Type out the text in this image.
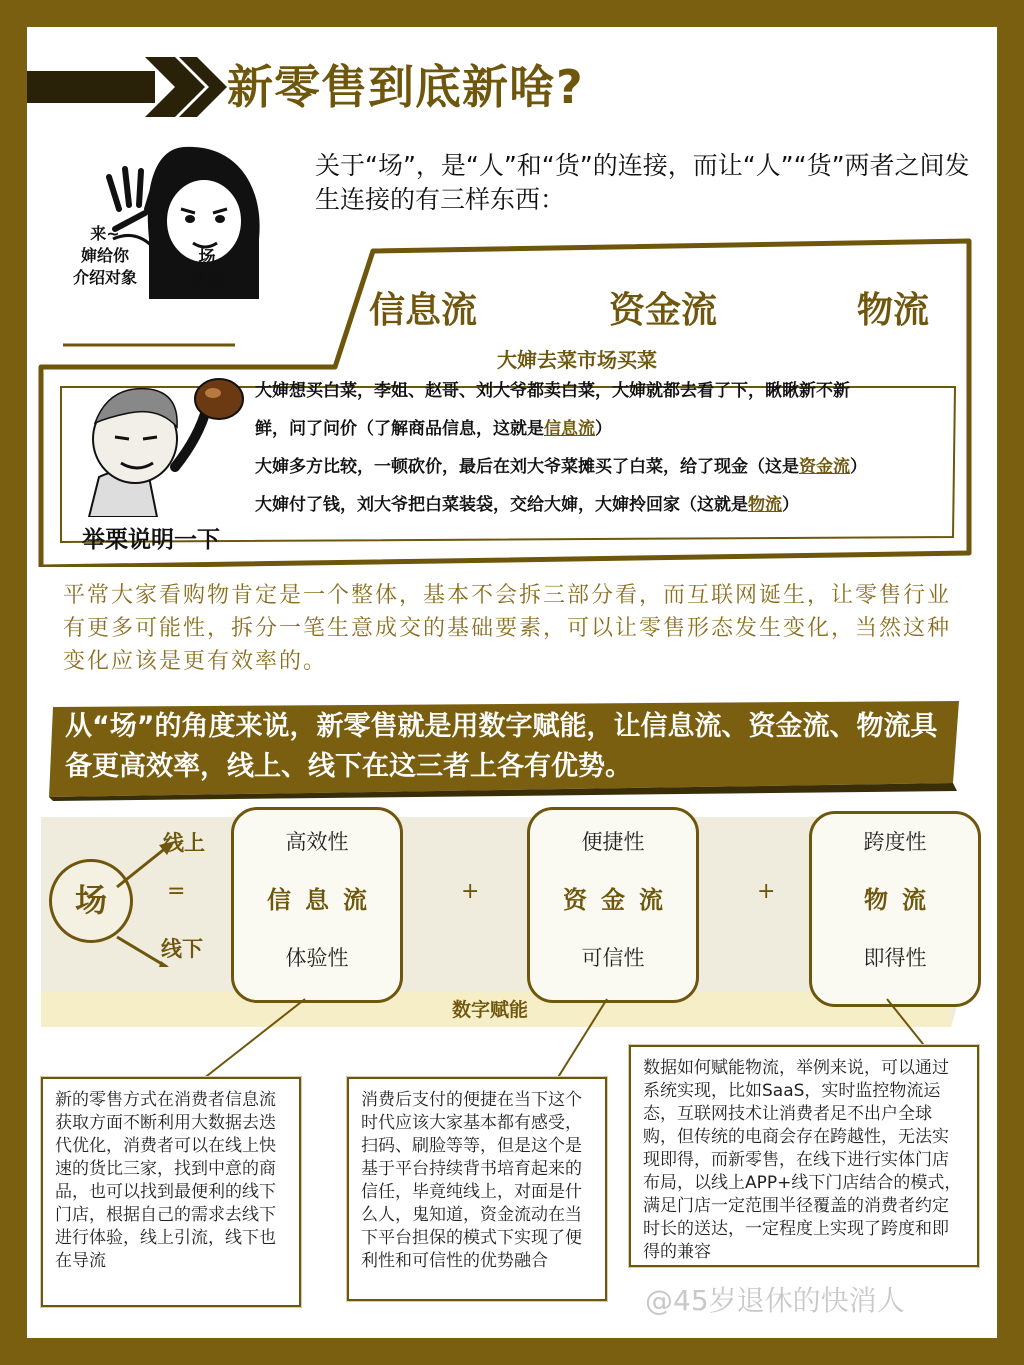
新零售到底新啥?
关于“场”，是“人”和“货”的连接，而让“人”“货”两者之间发生连接的有三样东西：
来~
婶给你
介绍对象
场
(零售)
信息流	资金流	物流
大婶去菜市场买菜
举栗说明一下
大婶想买白菜，李姐、赵哥、刘大爷都卖白菜，大婶就都去看了下，瞅瞅新不新
鲜，问了问价（了解商品信息，这就是信息流）
大婶多方比较，一顿砍价，最后在刘大爷菜摊买了白菜，给了现金（这是资金流）
大婶付了钱，刘大爷把白菜装袋，交给大婶，大婶拎回家（这就是物流）
平常大家看购物肯定是一个整体，基本不会拆三部分看，而互联网诞生，让零售行业有更多可能性，拆分一笔生意成交的基础要素，可以让零售形态发生变化，当然这种变化应该是更有效率的。
从“场”的角度来说，新零售就是用数字赋能，让信息流、资金流、物流具备更高效率，线上、线下在这三者上各有优势。
数字赋能
场
线上
=
线下
高效性
信息流
体验性
+
便捷性
资金流
可信性
+
跨度性
物流
即得性
新的零售方式在消费者信息流获取方面不断利用大数据去迭代优化，消费者可以在线上快速的货比三家，找到中意的商品，也可以找到最便利的线下门店，根据自己的需求去线下进行体验，线上引流，线下也在导流
消费后支付的便捷在当下这个时代应该大家基本都有感受，扫码、刷脸等等，但是这个是基于平台持续背书培育起来的信任，毕竟纯线上，对面是什么人，鬼知道，资金流动在当下平台担保的模式下实现了便利性和可信性的优势融合
数据如何赋能物流，举例来说，可以通过系统实现，比如SaaS，实时监控物流运态，互联网技术让消费者足不出户全球购，但传统的电商会存在跨越性，无法实现即得，而新零售，在线下进行实体门店布局，以线上APP+线下门店结合的模式，满足门店一定范围半径覆盖的消费者约定时长的送达，一定程度上实现了跨度和即得的兼容
@45岁退休的快消人
